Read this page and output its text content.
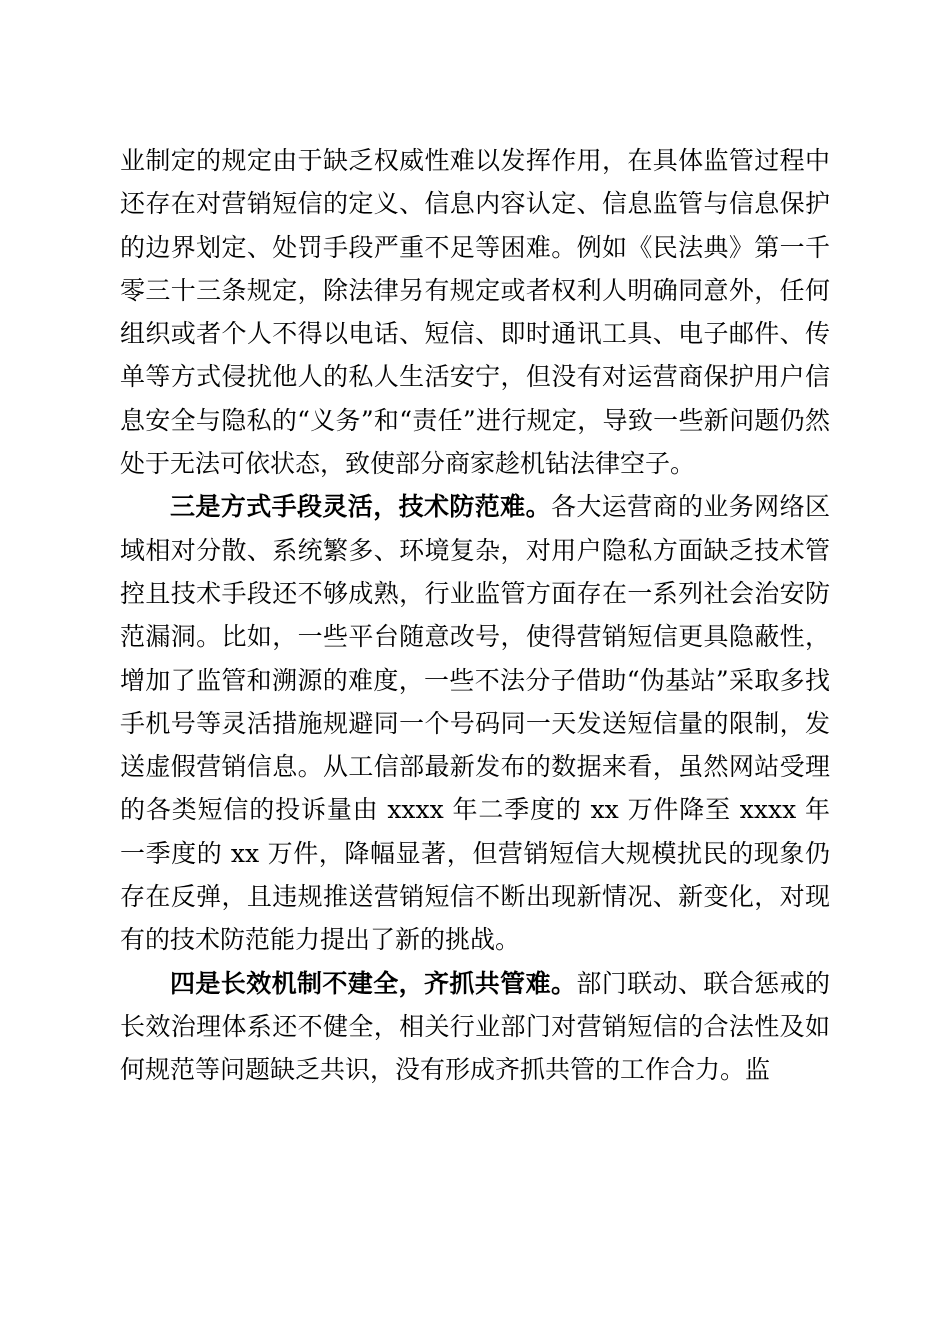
业制定的规定由于缺乏权威性难以发挥作用，在具体监管过程中还存在对营销短信的定义、信息内容认定、信息监管与信息保护的边界划定、处罚手段严重不足等困难。例如《民法典》第一千零三十三条规定，除法律另有规定或者权利人明确同意外，任何组织或者个人不得以电话、短信、即时通讯工具、电子邮件、传单等方式侵扰他人的私人生活安宁，但没有对运营商保护用户信息安全与隐私的“义务”和“责任”进行规定，导致一些新问题仍然处于无法可依状态，致使部分商家趁机钻法律空子。

三是方式手段灵活，技术防范难。各大运营商的业务网络区域相对分散、系统繁多、环境复杂，对用户隐私方面缺乏技术管控且技术手段还不够成熟，行业监管方面存在一系列社会治安防范漏洞。比如，一些平台随意改号，使得营销短信更具隐蔽性，增加了监管和溯源的难度，一些不法分子借助“伪基站”采取多找手机号等灵活措施规避同一个号码同一天发送短信量的限制，发送虚假营销信息。从工信部最新发布的数据来看，虽然网站受理的各类短信的投诉量由 xxxx 年二季度的 xx 万件降至 xxxx 年一季度的 xx 万件，降幅显著，但营销短信大规模扰民的现象仍存在反弹，且违规推送营销短信不断出现新情况、新变化，对现有的技术防范能力提出了新的挑战。

四是长效机制不建全，齐抓共管难。部门联动、联合惩戒的长效治理体系还不健全，相关行业部门对营销短信的合法性及如何规范等问题缺乏共识，没有形成齐抓共管的工作合力。监
